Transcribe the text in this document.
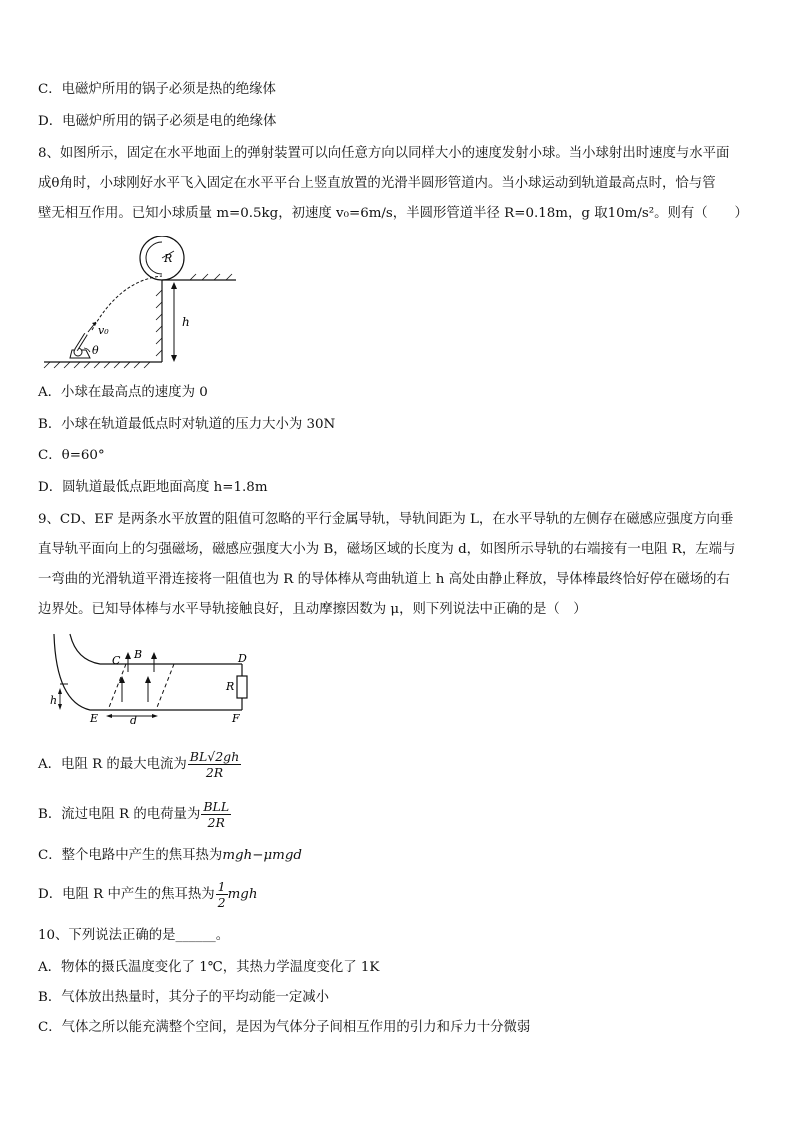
C．电磁炉所用的锅子必须是热的绝缘体
D．电磁炉所用的锅子必须是电的绝缘体
8、如图所示，固定在水平地面上的弹射装置可以向任意方向以同样大小的速度发射小球。当小球射出时速度与水平面
成θ角时，小球刚好水平飞入固定在水平平台上竖直放置的光滑半圆形管道内。当小球运动到轨道最高点时，恰与管
壁无相互作用。已知小球质量 m=0.5kg，初速度 v₀=6m/s，半圆形管道半径 R=0.18m，g 取10m/s²。则有（　　）
R
v₀
θ
h
A．小球在最高点的速度为 0
B．小球在轨道最低点时对轨道的压力大小为 30N
C．θ=60°
D．圆轨道最低点距地面高度 h=1.8m
9、CD、EF 是两条水平放置的阻值可忽略的平行金属导轨，导轨间距为 L，在水平导轨的左侧存在磁感应强度方向垂
直导轨平面向上的匀强磁场，磁感应强度大小为 B，磁场区域的长度为 d，如图所示导轨的右端接有一电阻 R，左端与
一弯曲的光滑轨道平滑连接将一阻值也为 R 的导体棒从弯曲轨道上 h 高处由静止释放，导体棒最终恰好停在磁场的右
边界处。已知导体棒与水平导轨接触良好，且动摩擦因数为 μ，则下列说法中正确的是（　）
h
C B	D
R
E	d	F
A．电阻 R 的最大电流为 $\frac{BL√2gh}{2R}$
B．流过电阻 R 的电荷量为 $\frac{\text{BLL}}{2R}$
C．整个电路中产生的焦耳热为mgh−μmgd
D．电阻 R 中产生的焦耳热为 $\frac{1}{2}$ mgh
10、下列说法正确的是______。
A．物体的摄氏温度变化了 1℃，其热力学温度变化了 1K
B．气体放出热量时，其分子的平均动能一定减小
C．气体之所以能充满整个空间，是因为气体分子间相互作用的引力和斥力十分微弱
